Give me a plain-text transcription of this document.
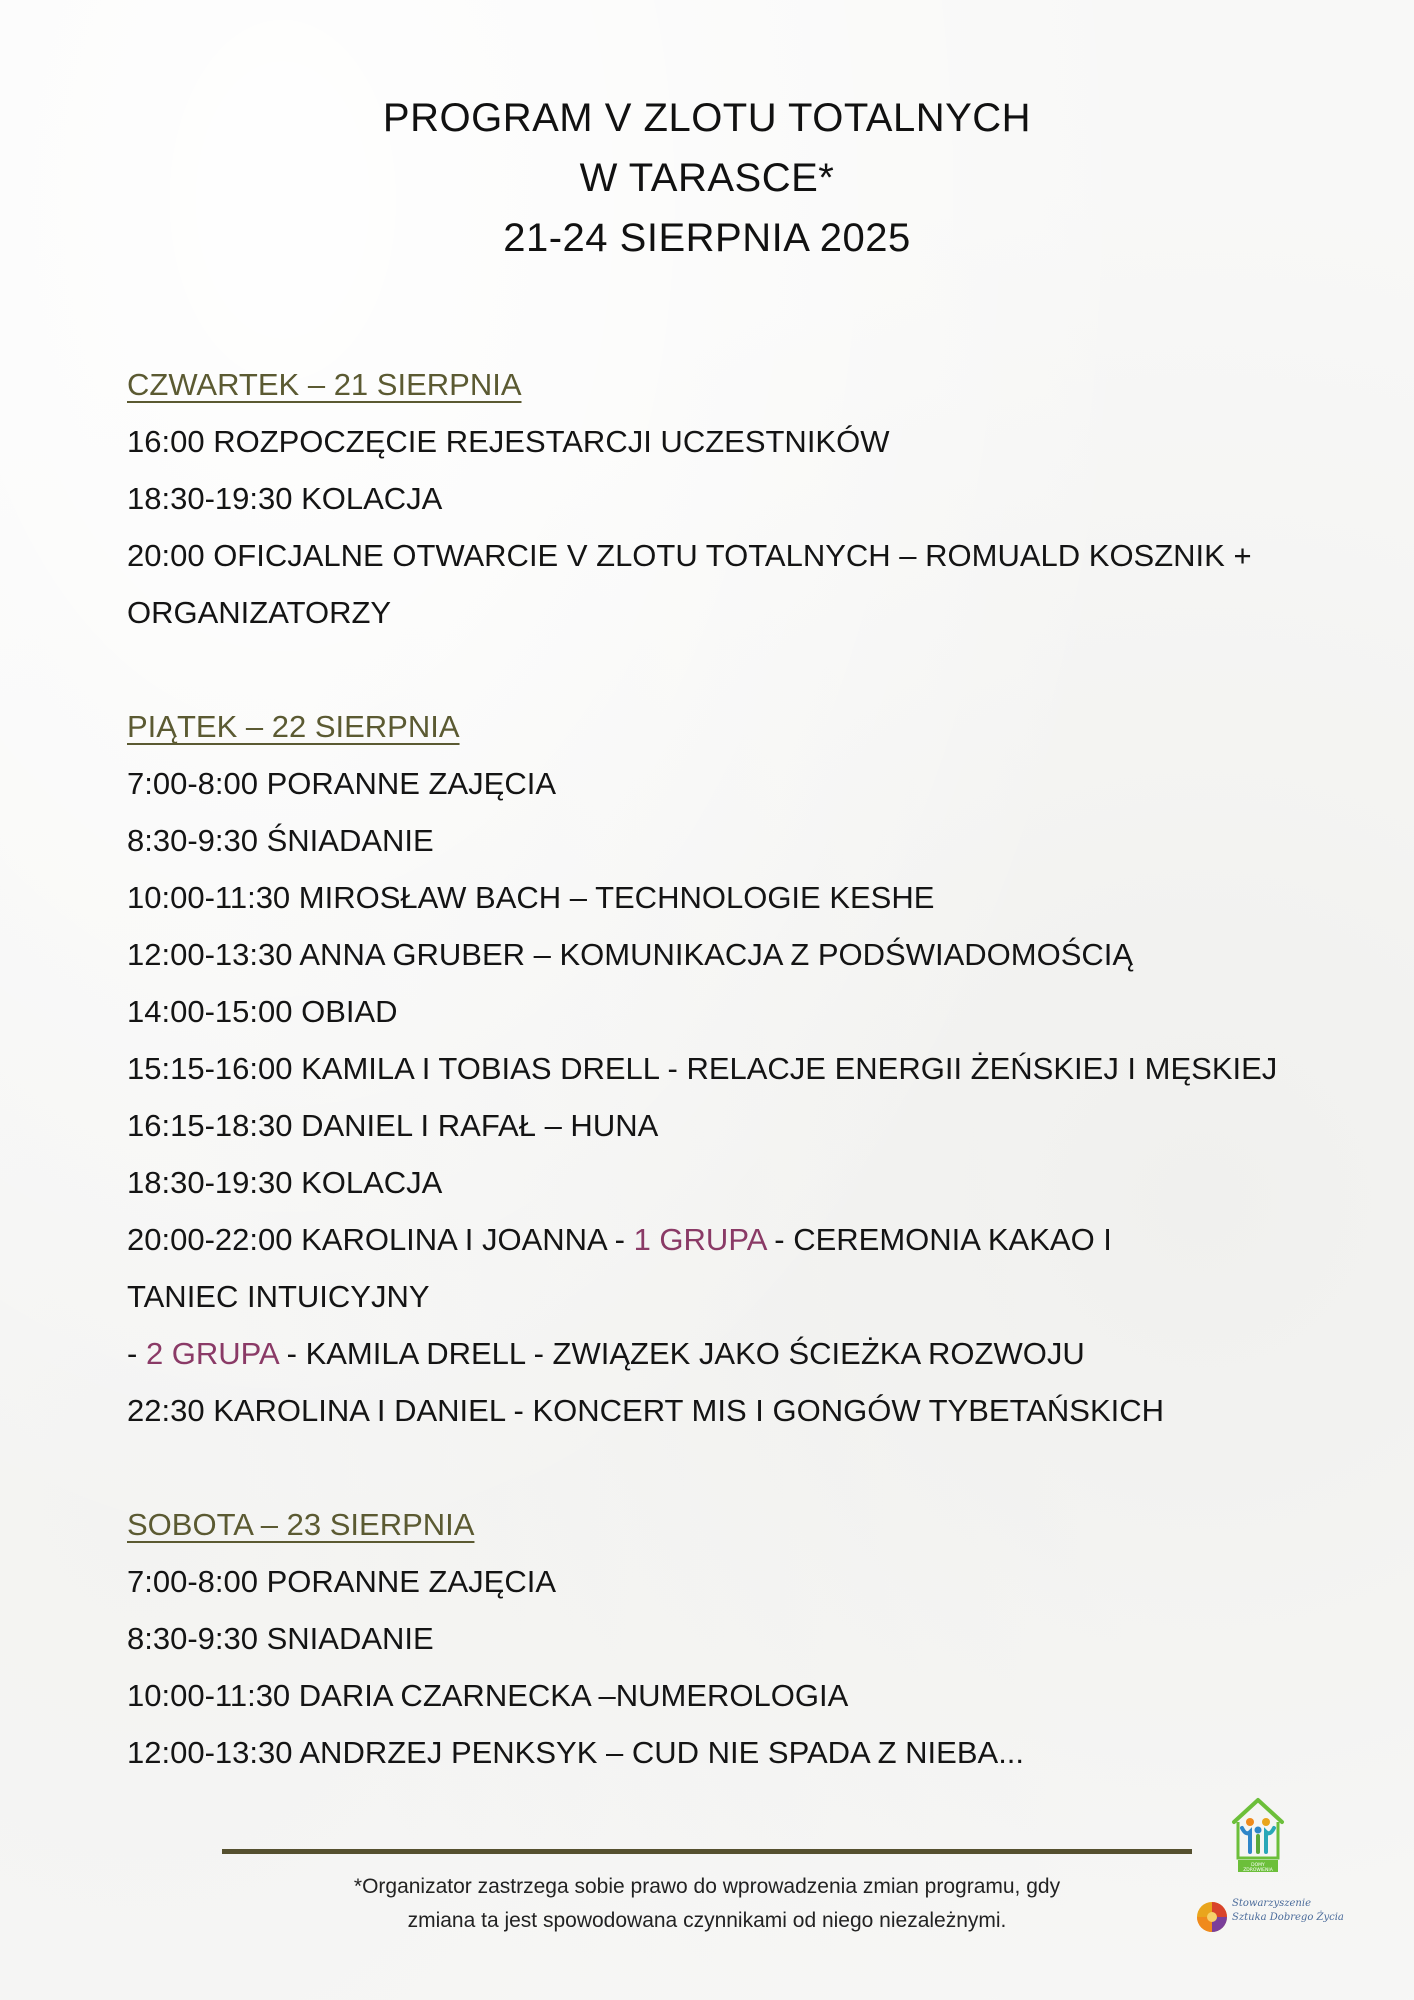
PROGRAM V ZLOTU TOTALNYCH
W TARASCE*
21-24 SIERPNIA 2025
CZWARTEK – 21 SIERPNIA
16:00 ROZPOCZĘCIE REJESTARCJI UCZESTNIKÓW
18:30-19:30 KOLACJA
20:00 OFICJALNE OTWARCIE V ZLOTU TOTALNYCH – ROMUALD KOSZNIK +
ORGANIZATORZY
PIĄTEK – 22 SIERPNIA
7:00-8:00 PORANNE ZAJĘCIA
8:30-9:30 ŚNIADANIE
10:00-11:30 MIROSŁAW BACH – TECHNOLOGIE KESHE
12:00-13:30 ANNA GRUBER – KOMUNIKACJA Z PODŚWIADOMOŚCIĄ
14:00-15:00 OBIAD
15:15-16:00 KAMILA I TOBIAS DRELL - RELACJE ENERGII ŻEŃSKIEJ I MĘSKIEJ
16:15-18:30 DANIEL I RAFAŁ – HUNA
18:30-19:30 KOLACJA
20:00-22:00 KAROLINA I JOANNA - 1 GRUPA - CEREMONIA KAKAO I
TANIEC INTUICYJNY
- 2 GRUPA - KAMILA DRELL - ZWIĄZEK JAKO ŚCIEŻKA ROZWOJU
22:30 KAROLINA I DANIEL - KONCERT MIS I GONGÓW TYBETAŃSKICH
SOBOTA – 23 SIERPNIA
7:00-8:00 PORANNE ZAJĘCIA
8:30-9:30 SNIADANIE
10:00-11:30 DARIA CZARNECKA –NUMEROLOGIA
12:00-13:30 ANDRZEJ PENKSYK – CUD NIE SPADA Z NIEBA...
DOMY
ZDROWIENIA
Stowarzyszenie
Sztuka Dobrego Życia
*Organizator zastrzega sobie prawo do wprowadzenia zmian programu, gdy
zmiana ta jest spowodowana czynnikami od niego niezależnymi.
